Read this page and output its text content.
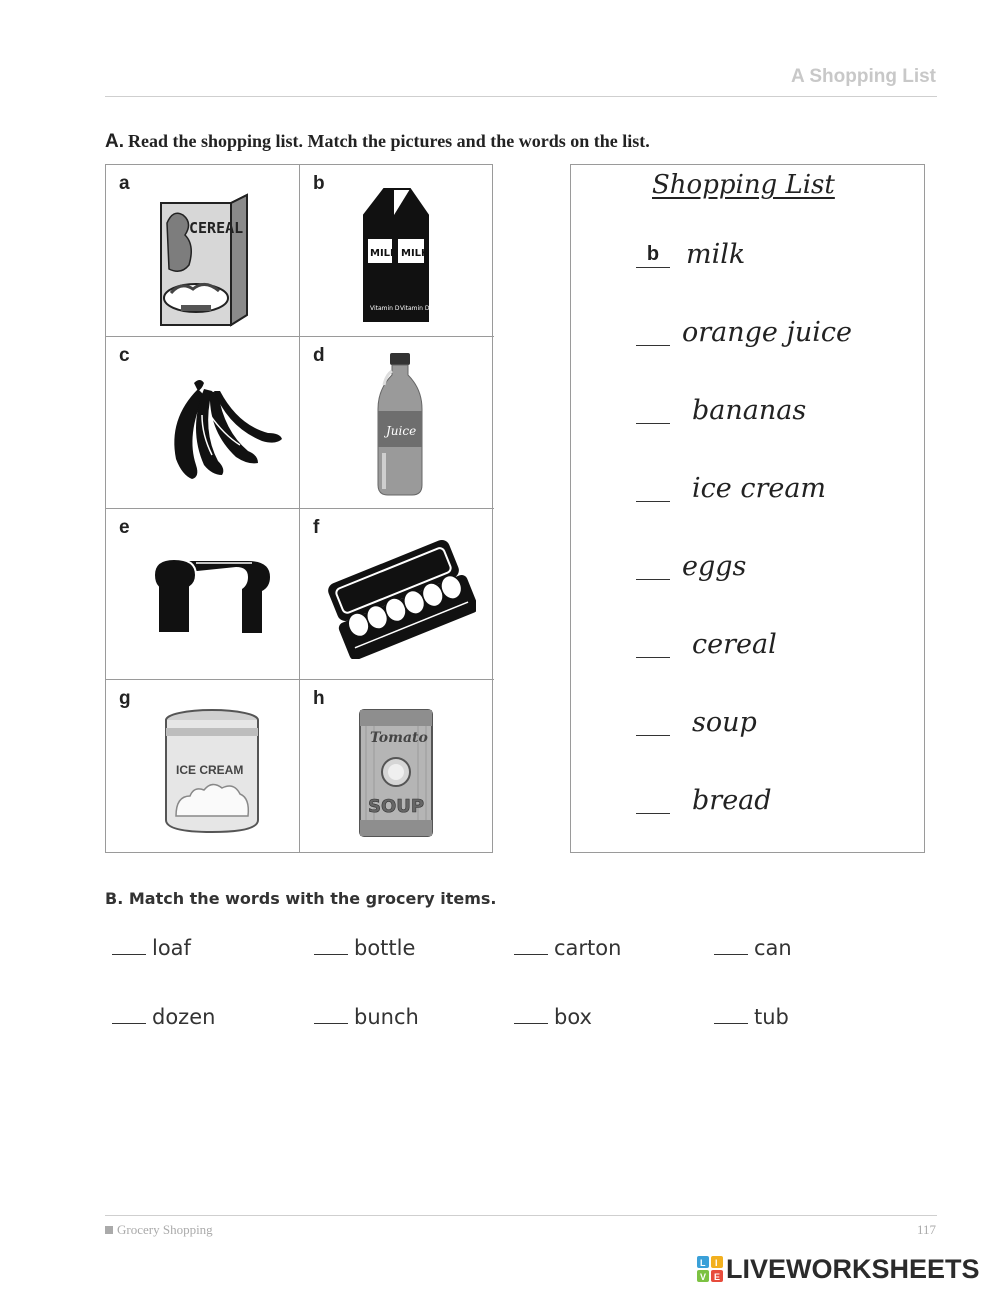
A Shopping List
A. Read the shopping list. Match the pictures and the words on the list.
a
CEREAL
b
MILK MILK
Vitamin D Vitamin D
c	d
Juice
e	f
g
ICE CREAM
h
Tomato
SOUP
Shopping List
b milk
orange juice
bananas
ice cream
eggs
cereal
soup
bread
B. Match the words with the grocery items.
loaf	bottle	carton	can
dozen	bunch	box	tub
Grocery Shopping	117
L I
V E LIVEWORKSHEETS
